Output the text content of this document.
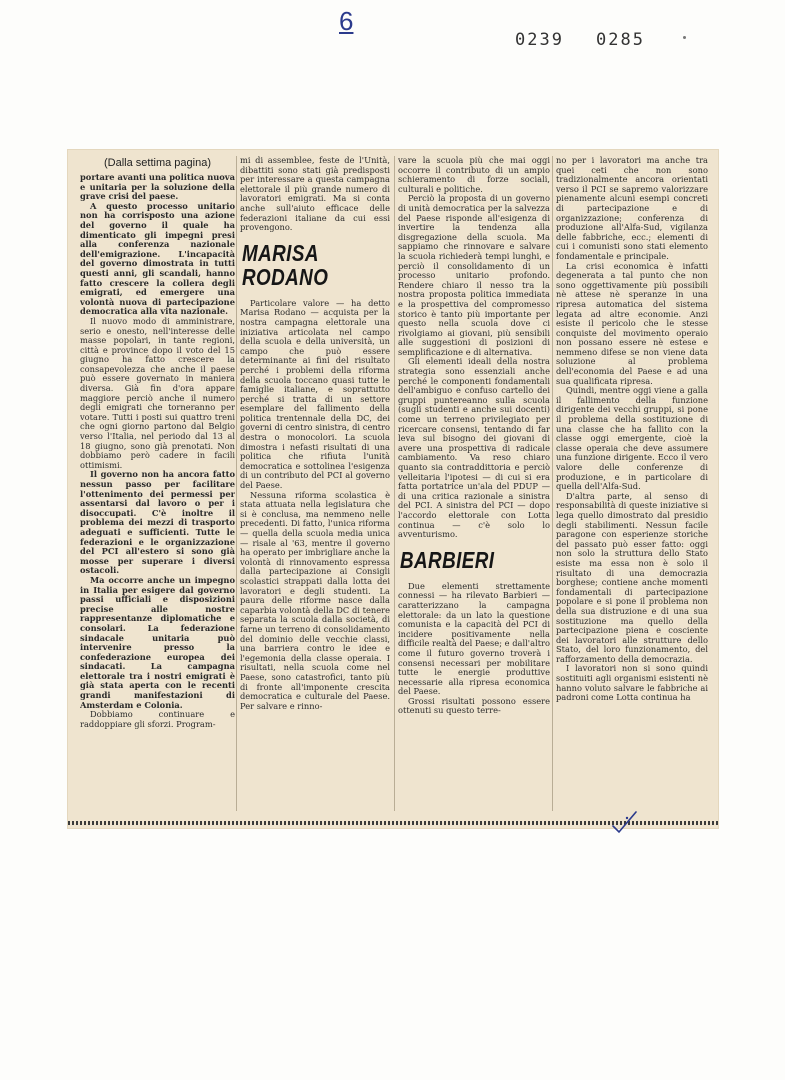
6
0239 0285
(Dalla settima pagina)

portare avanti una politica nuova e unitaria per la soluzione della grave crisi del paese.

A questo processo unitario non ha corrisposto una azione del governo il quale ha dimenticato gli impegni presi alla conferenza nazionale dell'emigrazione. L'incapacità del governo dimostrata in tutti questi anni, gli scandali, hanno fatto crescere la collera degli emigrati, ed emergere una volontà nuova di partecipazione democratica alla vita nazionale.

Il nuovo modo di amministrare, serio e onesto, nell'interesse delle masse popolari, in tante regioni, città e province dopo il voto del 15 giugno ha fatto crescere la consapevolezza che anche il paese può essere governato in maniera diversa. Già fin d'ora appare maggiore perciò anche il numero degli emigrati che torneranno per votare. Tutti i posti sui quattro treni che ogni giorno partono dal Belgio verso l'Italia, nel periodo dal 13 al 18 giugno, sono già prenotati. Non dobbiamo però cadere in facili ottimismi.

Il governo non ha ancora fatto nessun passo per facilitare l'ottenimento dei permessi per assentarsi dal lavoro o per i disoccupati. C'è inoltre il problema dei mezzi di trasporto adeguati e sufficienti. Tutte le federazioni e le organizzazione del PCI all'estero si sono già mosse per superare i diversi ostacoli.

Ma occorre anche un impegno in Italia per esigere dal governo passi ufficiali e disposizioni precise alle nostre rappresentanze diplomatiche e consolari. La federazione sindacale unitaria può intervenire presso la confederazione europea dei sindacati. La campagna elettorale tra i nostri emigrati è già stata aperta con le recenti grandi manifestazioni di Amsterdam e Colonia.

Dobbiamo continuare e raddoppiare gli sforzi. Program-

mi di assemblee, feste de l'Unità, dibattiti sono stati già predisposti per interessare a questa campagna elettorale il più grande numero di lavoratori emigrati. Ma si conta anche sull'aiuto efficace delle federazioni italiane da cui essi provengono.

MARISA
RODANO

Particolare valore — ha detto Marisa Rodano — acquista per la nostra campagna elettorale una iniziativa articolata nel campo della scuola e della università, un campo che può essere determinante ai fini del risultato perché i problemi della riforma della scuola toccano quasi tutte le famiglie italiane, e soprattutto perché si tratta di un settore esemplare del fallimento della politica trentennale della DC, dei governi di centro sinistra, di centro destra o monocolori. La scuola dimostra i nefasti risultati di una politica che rifiuta l'unità democratica e sottolinea l'esigenza di un contributo del PCI al governo del Paese.

Nessuna riforma scolastica è stata attuata nella legislatura che si è conclusa, ma nemmeno nelle precedenti. Di fatto, l'unica riforma — quella della scuola media unica — risale al '63, mentre il governo ha operato per imbrigliare anche la volontà di rinnovamento espressa dalla partecipazione ai Consigli scolastici strappati dalla lotta dei lavoratori e degli studenti. La paura delle riforme nasce dalla caparbia volontà della DC di tenere separata la scuola dalla società, di farne un terreno di consolidamento del dominio delle vecchie classi, una barriera contro le idee e l'egemonia della classe operaia. I risultati, nella scuola come nel Paese, sono catastrofici, tanto più di fronte all'imponente crescita democratica e culturale del Paese. Per salvare e rinno-

vare la scuola più che mai oggi occorre il contributo di un ampio schieramento di forze sociali, culturali e politiche.

Perciò la proposta di un governo di unità democratica per la salvezza del Paese risponde all'esigenza di invertire la tendenza alla disgregazione della scuola. Ma sappiamo che rinnovare e salvare la scuola richiederà tempi lunghi, e perciò il consolidamento di un processo unitario profondo. Rendere chiaro il nesso tra la nostra proposta politica immediata e la prospettiva del compromesso storico è tanto più importante per questo nella scuola dove ci rivolgiamo ai giovani, più sensibili alle suggestioni di posizioni di semplificazione e di alternativa.

Gli elementi ideali della nostra strategia sono essenziali anche perché le componenti fondamentali dell'ambiguo e confuso cartello dei gruppi puntereanno sulla scuola (sugli studenti e anche sui docenti) come un terreno privilegiato per ricercare consensi, tentando di far leva sul bisogno dei giovani di avere una prospettiva di radicale cambiamento. Va reso chiaro quanto sia contraddittoria e perciò velleitaria l'ipotesi — di cui si era fatta portatrice un'ala del PDUP — di una critica razionale a sinistra del PCI. A sinistra del PCI — dopo l'accordo elettorale con Lotta continua — c'è solo lo avventurismo.

BARBIERI

Due elementi strettamente connessi — ha rilevato Barbieri — caratterizzano la campagna elettorale: da un lato la questione comunista e la capacità del PCI di incidere positivamente nella difficile realtà del Paese; e dall'altro come il futuro governo troverà i consensi necessari per mobilitare tutte le energie produttive necessarie alla ripresa economica del Paese.

Grossi risultati possono essere ottenuti su questo terre-

no per i lavoratori ma anche tra quei ceti che non sono tradizionalmente ancora orientati verso il PCI se sapremo valorizzare pienamente alcuni esempi concreti di partecipazione e di organizzazione; conferenza di produzione all'Alfa-Sud, vigilanza delle fabbriche, ecc.; elementi di cui i comunisti sono stati elemento fondamentale e principale.

La crisi economica è infatti degenerata a tal punto che non sono oggettivamente più possibili nè attese nè speranze in una ripresa automatica del sistema legata ad altre economie. Anzi esiste il pericolo che le stesse conquiste del movimento operaio non possano essere nè estese e nemmeno difese se non viene data soluzione al problema dell'economia del Paese e ad una sua qualificata ripresa.

Quindi, mentre oggi viene a galla il fallimento della funzione dirigente dei vecchi gruppi, si pone il problema della sostituzione di una classe che ha fallito con la classe oggi emergente, cioè la classe operaia che deve assumere una funzione dirigente. Ecco il vero valore delle conferenze di produzione, e in particolare di quella dell'Alfa-Sud.

D'altra parte, al senso di responsabilità di queste iniziative si lega quello dimostrato dal presidio degli stabilimenti. Nessun facile paragone con esperienze storiche del passato può esser fatto: oggi non solo la struttura dello Stato esiste ma essa non è solo il risultato di una democrazia borghese; contiene anche momenti fondamentali di partecipazione popolare e si pone il problema non della sua distruzione e di una sua sostituzione ma quello della partecipazione piena e cosciente dei lavoratori alle strutture dello Stato, del loro funzionamento, del rafforzamento della democrazia.

I lavoratori non si sono quindi sostituiti agli organismi esistenti nè hanno voluto salvare le fabbriche ai padroni come Lotta continua ha
